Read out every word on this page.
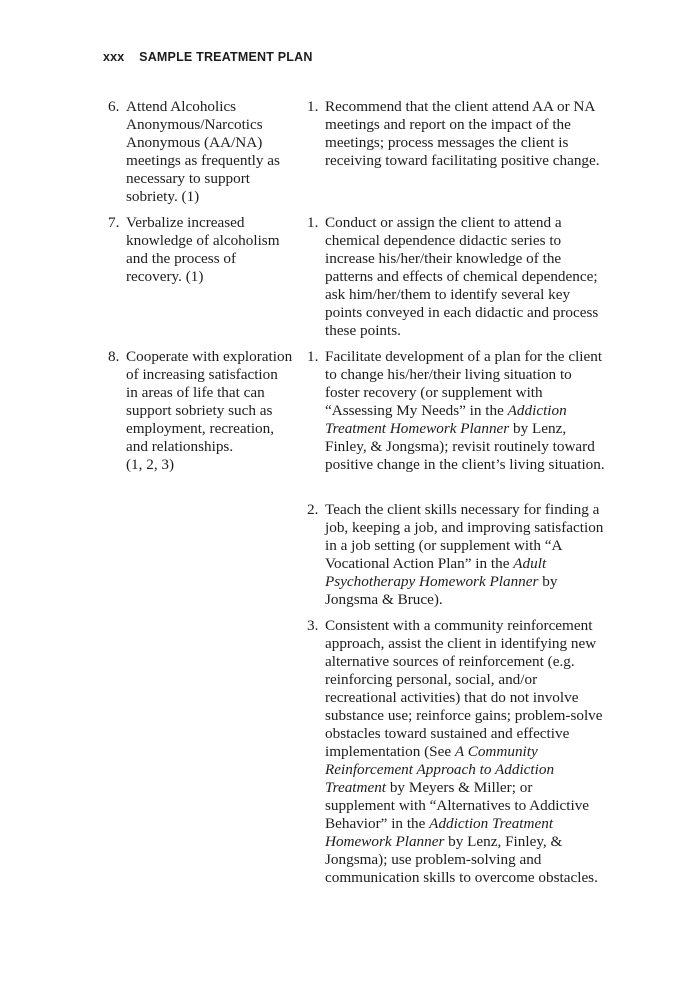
xxx SAMPLE TREATMENT PLAN
6. Attend Alcoholics Anonymous/Narcotics Anonymous (AA/NA) meetings as frequently as necessary to support sobriety. (1)
7. Verbalize increased knowledge of alcoholism and the process of recovery. (1)
8. Cooperate with exploration of increasing satisfaction in areas of life that can support sobriety such as employment, recreation, and relationships.
(1, 2, 3)
1. Recommend that the client attend AA or NA meetings and report on the impact of the meetings; process messages the client is receiving toward facilitating positive change.
1. Conduct or assign the client to attend a chemical dependence didactic series to increase his/her/their knowledge of the patterns and effects of chemical dependence; ask him/her/them to identify several key points conveyed in each didactic and process these points.
1. Facilitate development of a plan for the client to change his/her/their living situation to foster recovery (or supplement with “Assessing My Needs” in the Addiction Treatment Homework Planner by Lenz, Finley, & Jongsma); revisit routinely toward positive change in the client’s living situation.
2. Teach the client skills necessary for finding a job, keeping a job, and improving satisfaction in a job setting (or supplement with “A Vocational Action Plan” in the Adult Psychotherapy Homework Planner by Jongsma & Bruce).
3. Consistent with a community reinforcement approach, assist the client in identifying new alternative sources of reinforcement (e.g. reinforcing personal, social, and/or recreational activities) that do not involve substance use; reinforce gains; problem-solve obstacles toward sustained and effective implementation (See A Community Reinforcement Approach to Addiction Treatment by Meyers & Miller; or supplement with “Alternatives to Addictive Behavior” in the Addiction Treatment Homework Planner by Lenz, Finley, & Jongsma); use problem-solving and communication skills to overcome obstacles.
